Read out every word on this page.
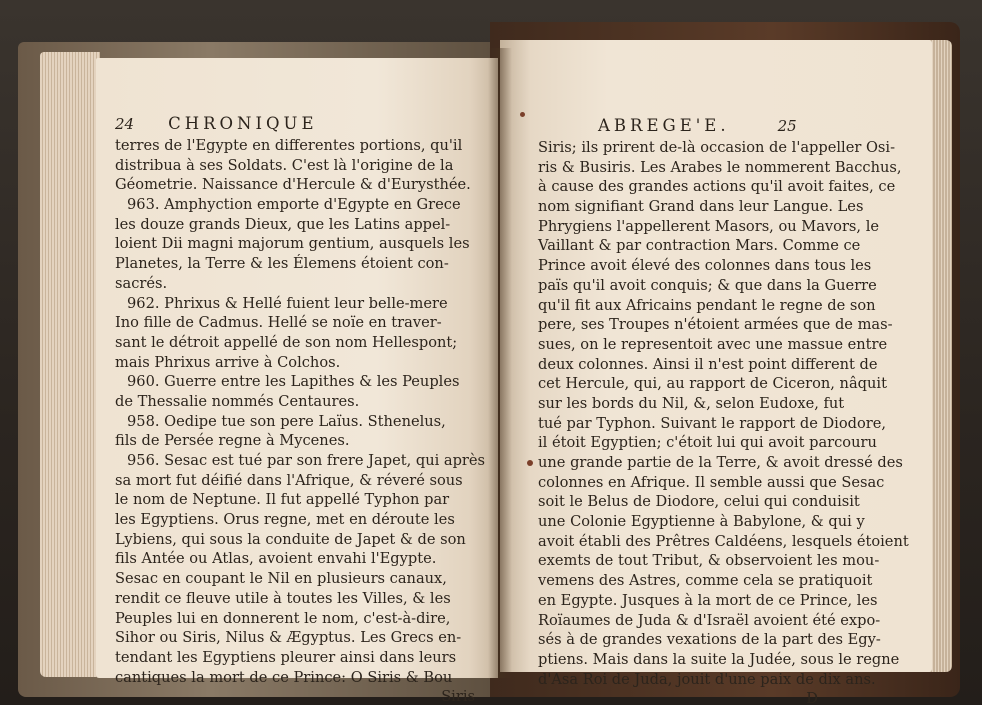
24 CHRONIQUE
terres de l'Egypte en differentes portions, qu'il
distribua à ses Soldats. C'est là l'origine de la
Géometrie. Naissance d'Hercule & d'Eurysthée.
963. Amphyction emporte d'Egypte en Grece
les douze grands Dieux, que les Latins appel-
loient Dii magni majorum gentium, ausquels les
Planetes, la Terre & les Élemens étoient con-
sacrés.
962. Phrixus & Hellé fuient leur belle-mere
Ino fille de Cadmus. Hellé se noïe en traver-
sant le détroit appellé de son nom Hellespont;
mais Phrixus arrive à Colchos.
960. Guerre entre les Lapithes & les Peuples
de Thessalie nommés Centaures.
958. Oedipe tue son pere Laïus. Sthenelus,
fils de Persée regne à Mycenes.
956. Sesac est tué par son frere Japet, qui après
sa mort fut déifié dans l'Afrique, & réveré sous
le nom de Neptune. Il fut appellé Typhon par
les Egyptiens. Orus regne, met en déroute les
Lybiens, qui sous la conduite de Japet & de son
fils Antée ou Atlas, avoient envahi l'Egypte.
Sesac en coupant le Nil en plusieurs canaux,
rendit ce fleuve utile à toutes les Villes, & les
Peuples lui en donnerent le nom, c'est-à-dire,
Sihor ou Siris, Nilus & Ægyptus. Les Grecs en-
tendant les Egyptiens pleurer ainsi dans leurs
cantiques la mort de ce Prince: O Siris & Bou
Siris
ABREGE'E.	25
Siris; ils prirent de-là occasion de l'appeller Osi-
ris & Busiris. Les Arabes le nommerent Bacchus,
à cause des grandes actions qu'il avoit faites, ce
nom signifiant Grand dans leur Langue. Les
Phrygiens l'appellerent Masors, ou Mavors, le
Vaillant & par contraction Mars. Comme ce
Prince avoit élevé des colonnes dans tous les
païs qu'il avoit conquis; & que dans la Guerre
qu'il fit aux Africains pendant le regne de son
pere, ses Troupes n'étoient armées que de mas-
sues, on le representoit avec une massue entre
deux colonnes. Ainsi il n'est point different de
cet Hercule, qui, au rapport de Ciceron, nâquit
sur les bords du Nil, &, selon Eudoxe, fut
tué par Typhon. Suivant le rapport de Diodore,
il étoit Egyptien; c'étoit lui qui avoit parcouru
une grande partie de la Terre, & avoit dressé des
colonnes en Afrique. Il semble aussi que Sesac
soit le Belus de Diodore, celui qui conduisit
une Colonie Egyptienne à Babylone, & qui y
avoit établi des Prêtres Caldéens, lesquels étoient
exemts de tout Tribut, & observoient les mou-
vemens des Astres, comme cela se pratiquoit
en Egypte. Jusques à la mort de ce Prince, les
Roïaumes de Juda & d'Israël avoient été expo-
sés à de grandes vexations de la part des Egy-
ptiens. Mais dans la suite la Judée, sous le regne
d'Asa Roi de Juda, jouit d'une paix de dix ans.
D
